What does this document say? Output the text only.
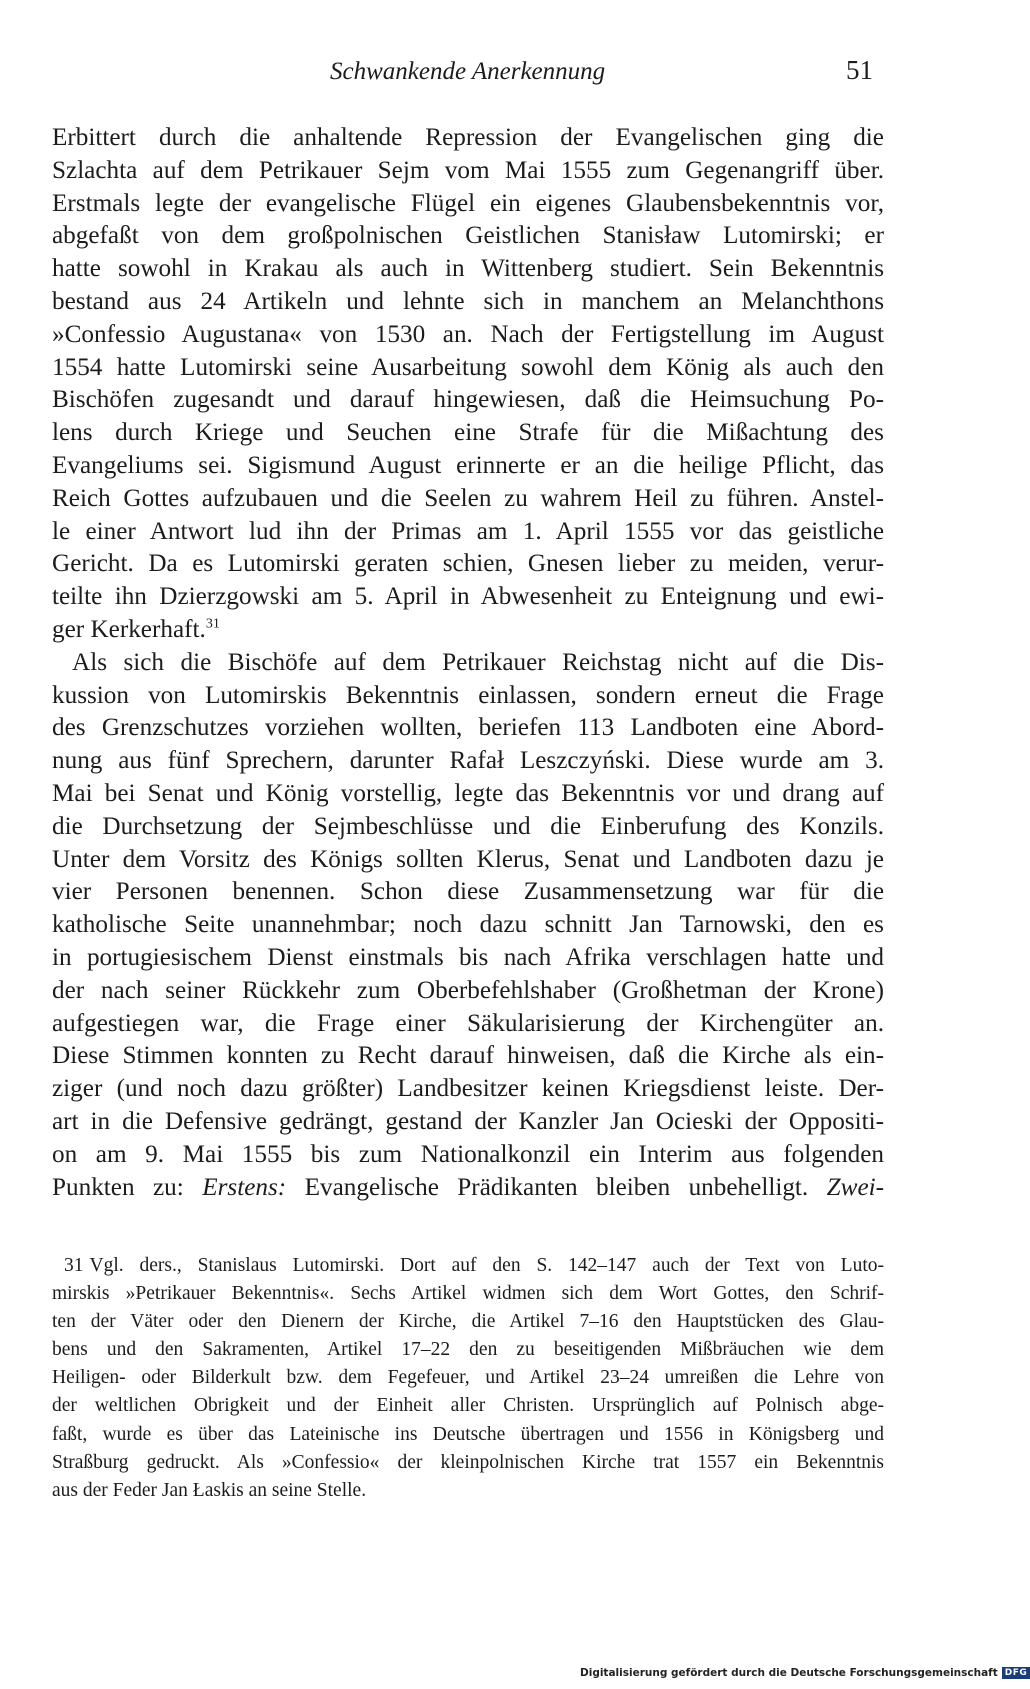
Schwankende Anerkennung	51
Erbittert durch die anhaltende Repression der Evangelischen ging die
Szlachta auf dem Petrikauer Sejm vom Mai 1555 zum Gegenangriff über.
Erstmals legte der evangelische Flügel ein eigenes Glaubensbekenntnis vor,
abgefaßt von dem großpolnischen Geistlichen Stanisław Lutomirski; er
hatte sowohl in Krakau als auch in Wittenberg studiert. Sein Bekenntnis
bestand aus 24 Artikeln und lehnte sich in manchem an Melanchthons
»Confessio Augustana« von 1530 an. Nach der Fertigstellung im August
1554 hatte Lutomirski seine Ausarbeitung sowohl dem König als auch den
Bischöfen zugesandt und darauf hingewiesen, daß die Heimsuchung Po-
lens durch Kriege und Seuchen eine Strafe für die Mißachtung des
Evangeliums sei. Sigismund August erinnerte er an die heilige Pflicht, das
Reich Gottes aufzubauen und die Seelen zu wahrem Heil zu führen. Anstel-
le einer Antwort lud ihn der Primas am 1. April 1555 vor das geistliche
Gericht. Da es Lutomirski geraten schien, Gnesen lieber zu meiden, verur-
teilte ihn Dzierzgowski am 5. April in Abwesenheit zu Enteignung und ewi-
ger Kerkerhaft.$^{31}$
Als sich die Bischöfe auf dem Petrikauer Reichstag nicht auf die Dis-
kussion von Lutomirskis Bekenntnis einlassen, sondern erneut die Frage
des Grenzschutzes vorziehen wollten, beriefen 113 Landboten eine Abord-
nung aus fünf Sprechern, darunter Rafał Leszczyński. Diese wurde am 3.
Mai bei Senat und König vorstellig, legte das Bekenntnis vor und drang auf
die Durchsetzung der Sejmbeschlüsse und die Einberufung des Konzils.
Unter dem Vorsitz des Königs sollten Klerus, Senat und Landboten dazu je
vier Personen benennen. Schon diese Zusammensetzung war für die
katholische Seite unannehmbar; noch dazu schnitt Jan Tarnowski, den es
in portugiesischem Dienst einstmals bis nach Afrika verschlagen hatte und
der nach seiner Rückkehr zum Oberbefehlshaber (Großhetman der Krone)
aufgestiegen war, die Frage einer Säkularisierung der Kirchengüter an.
Diese Stimmen konnten zu Recht darauf hinweisen, daß die Kirche als ein-
ziger (und noch dazu größter) Landbesitzer keinen Kriegsdienst leiste. Der-
art in die Defensive gedrängt, gestand der Kanzler Jan Ocieski der Oppositi-
on am 9. Mai 1555 bis zum Nationalkonzil ein Interim aus folgenden
Punkten zu: Erstens: Evangelische Prädikanten bleiben unbehelligt. Zwei-
31 Vgl. ders., Stanislaus Lutomirski. Dort auf den S. 142–147 auch der Text von Luto-
mirskis »Petrikauer Bekenntnis«. Sechs Artikel widmen sich dem Wort Gottes, den Schrif-
ten der Väter oder den Dienern der Kirche, die Artikel 7–16 den Hauptstücken des Glau-
bens und den Sakramenten, Artikel 17–22 den zu beseitigenden Mißbräuchen wie dem
Heiligen- oder Bilderkult bzw. dem Fegefeuer, und Artikel 23–24 umreißen die Lehre von
der weltlichen Obrigkeit und der Einheit aller Christen. Ursprünglich auf Polnisch abge-
faßt, wurde es über das Lateinische ins Deutsche übertragen und 1556 in Königsberg und
Straßburg gedruckt. Als »Confessio« der kleinpolnischen Kirche trat 1557 ein Bekenntnis
aus der Feder Jan Łaskis an seine Stelle.
Digitalisierung gefördert durch die Deutsche Forschungsgemeinschaft DFG
